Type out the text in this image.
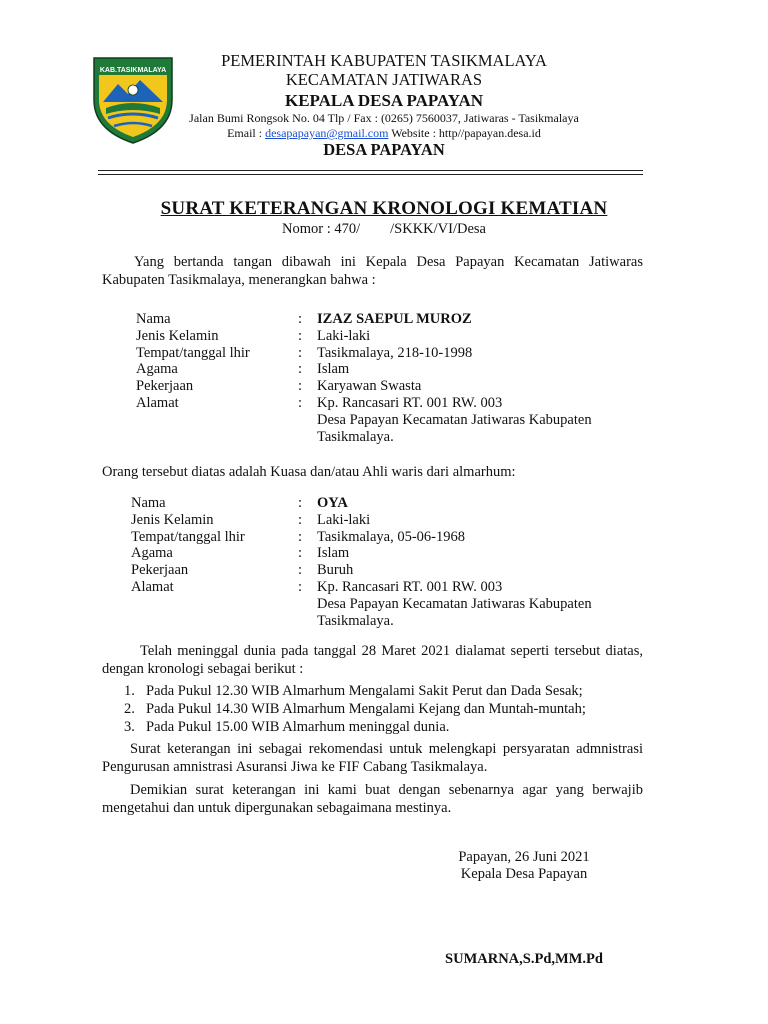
KAB.TASIKMALAYA
PEMERINTAH KABUPATEN TASIKMALAYA
KECAMATAN JATIWARAS
KEPALA DESA PAPAYAN
Jalan Bumi Rongsok No. 04 Tlp / Fax : (0265) 7560037, Jatiwaras - Tasikmalaya
Email : desapapayan@gmail.com Website : http//papayan.desa.id
DESA PAPAYAN
SURAT KETERANGAN KRONOLOGI KEMATIAN
Nomor : 470/ /SKKK/VI/Desa
Yang bertanda tangan dibawah ini Kepala Desa Papayan Kecamatan Jatiwaras Kabupaten Tasikmalaya, menerangkan bahwa :
Nama	: IZAZ SAEPUL MUROZ
Jenis Kelamin	: Laki-laki
Tempat/tanggal lhir	: Tasikmalaya, 218-10-1998
Agama	: Islam
Pekerjaan	: Karyawan Swasta
Alamat	: Kp. Rancasari RT. 001 RW. 003
Desa Papayan Kecamatan Jatiwaras Kabupaten
Tasikmalaya.
Orang tersebut diatas adalah Kuasa dan/atau Ahli waris dari almarhum:
Nama	: OYA
Jenis Kelamin	: Laki-laki
Tempat/tanggal lhir	: Tasikmalaya, 05-06-1968
Agama	: Islam
Pekerjaan	: Buruh
Alamat	: Kp. Rancasari RT. 001 RW. 003
Desa Papayan Kecamatan Jatiwaras Kabupaten
Tasikmalaya.
Telah meninggal dunia pada tanggal 28 Maret 2021 dialamat seperti tersebut diatas, dengan kronologi sebagai berikut :
1. Pada Pukul 12.30 WIB Almarhum Mengalami Sakit Perut dan Dada Sesak;
2. Pada Pukul 14.30 WIB Almarhum Mengalami Kejang dan Muntah-muntah;
3. Pada Pukul 15.00 WIB Almarhum meninggal dunia.
Surat keterangan ini sebagai rekomendasi untuk melengkapi persyaratan admnistrasi Pengurusan amnistrasi Asuransi Jiwa ke FIF Cabang Tasikmalaya.
Demikian surat keterangan ini kami buat dengan sebenarnya agar yang berwajib mengetahui dan untuk dipergunakan sebagaimana mestinya.
Papayan, 26 Juni 2021
Kepala Desa Papayan
SUMARNA,S.Pd,MM.Pd
